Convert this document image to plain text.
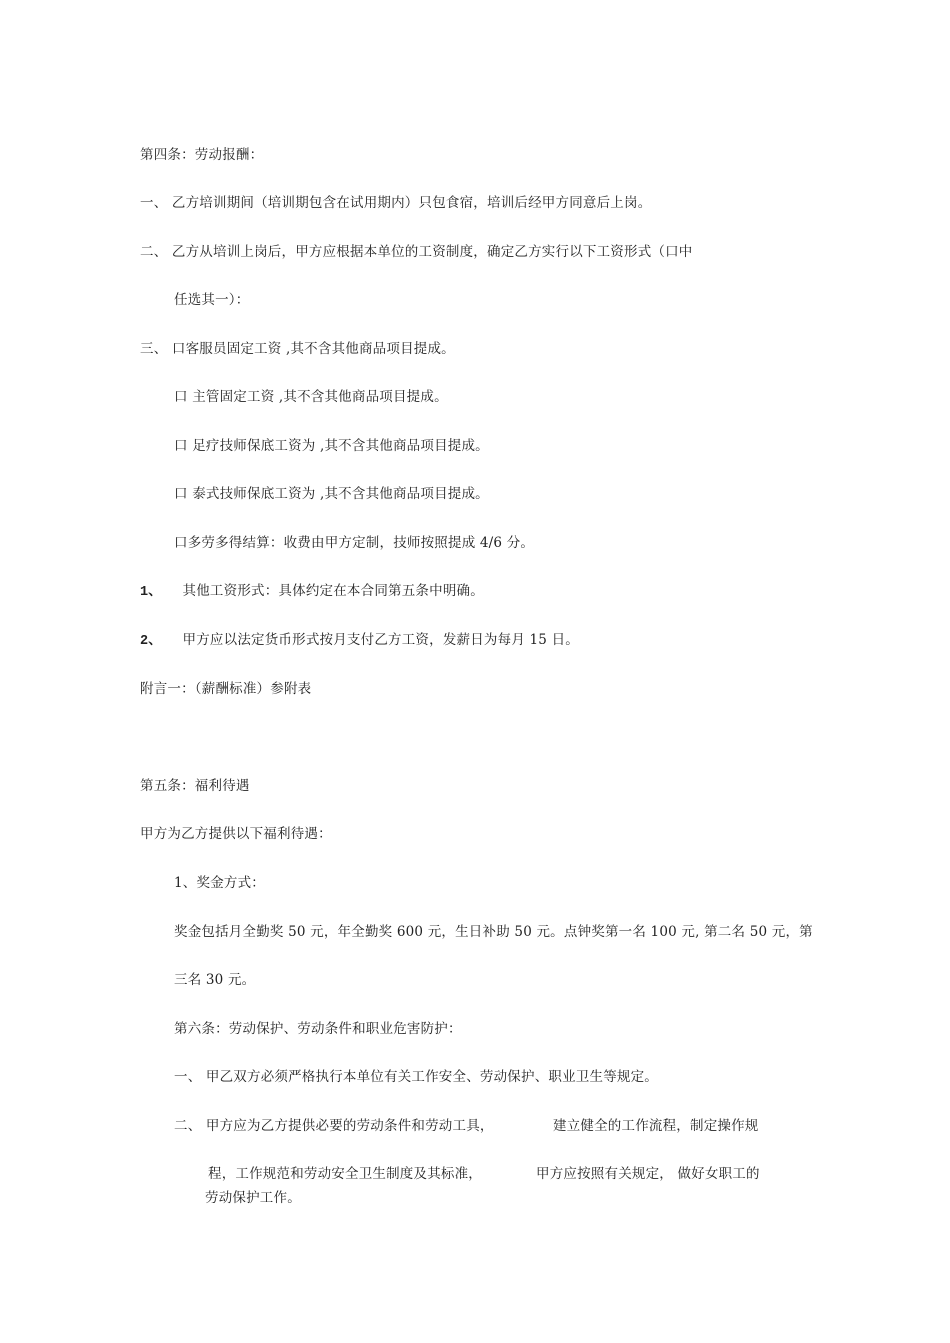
第四条：劳动报酬：
一、 乙方培训期间（培训期包含在试用期内）只包食宿，培训后经甲方同意后上岗。
二、 乙方从培训上岗后，甲方应根据本单位的工资制度，确定乙方实行以下工资形式（口中
任选其一）：
三、 口客服员固定工资 ,其不含其他商品项目提成。
口 主管固定工资 ,其不含其他商品项目提成。
口 足疗技师保底工资为 ,其不含其他商品项目提成。
口 泰式技师保底工资为 ,其不含其他商品项目提成。
口多劳多得结算：收费由甲方定制，技师按照提成 4/6 分。
1、 其他工资形式：具体约定在本合同第五条中明确。
2、 甲方应以法定货币形式按月支付乙方工资，发薪日为每月 15 日。
附言一：（薪酬标准）参附表
第五条：福利待遇
甲方为乙方提供以下福利待遇：
1、奖金方式：
奖金包括月全勤奖 50 元，年全勤奖 600 元，生日补助 50 元。点钟奖第一名 100 元, 第二名 50 元，第
三名 30 元。
第六条：劳动保护、劳动条件和职业危害防护：
一、 甲乙双方必须严格执行本单位有关工作安全、劳动保护、职业卫生等规定。
二、 甲方应为乙方提供必要的劳动条件和劳动工具，	建立健全的工作流程，制定操作规
程，工作规范和劳动安全卫生制度及其标准，	甲方应按照有关规定， 做好女职工的
劳动保护工作。
